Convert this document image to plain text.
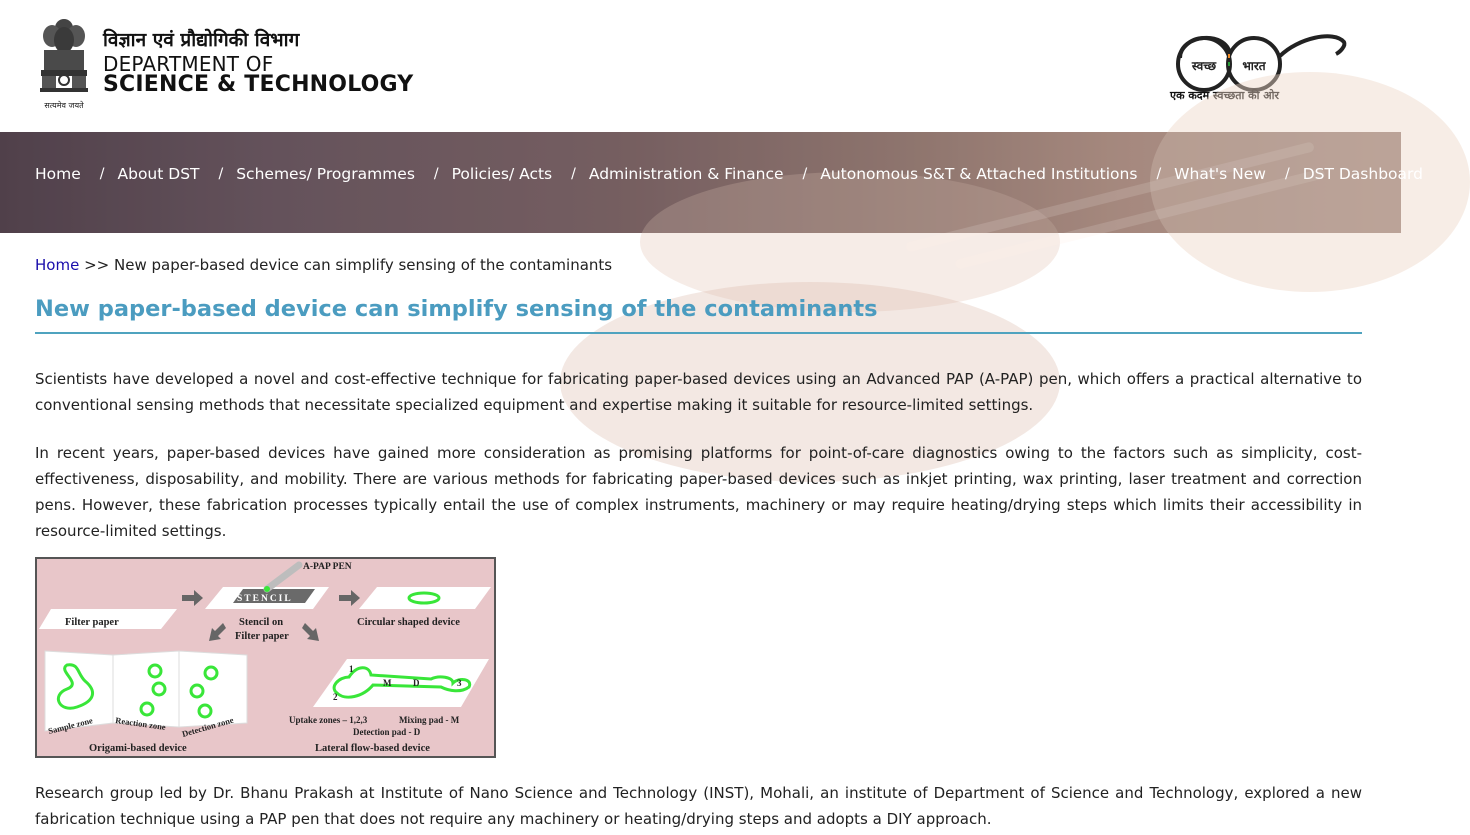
सत्यमेव जयते
विज्ञान एवं प्रौद्योगिकी विभाग
DEPARTMENT OF
SCIENCE & TECHNOLOGY
स्वच्छ भारत
एक कदम स्वच्छता की ओर
Home / About DST / Schemes/ Programmes / Policies/ Acts / Administration & Finance / Autonomous S&T & Attached Institutions / What's New / DST Dashboard
Home >> New paper-based device can simplify sensing of the contaminants
New paper-based device can simplify sensing of the contaminants

Scientists have developed a novel and cost-effective technique for fabricating paper-based devices using an Advanced PAP (A-PAP) pen, which offers a practical alternative to conventional sensing methods that necessitate specialized equipment and expertise making it suitable for resource-limited settings.

In recent years, paper-based devices have gained more consideration as promising platforms for point-of-care diagnostics owing to the factors such as simplicity, cost-effectiveness, disposability, and mobility. There are various methods for fabricating paper-based devices such as inkjet printing, wax printing, laser treatment and correction pens. However, these fabrication processes typically entail the use of complex instruments, machinery or may require heating/drying steps which limits their accessibility in resource-limited settings.

Filter paper
STENCIL
A-PAP PEN
Circular shaped device
Stencil on
Filter paper
Sample zone Reaction zone Detection zone
Origami-based device
1
2
3
M D
Uptake zones – 1,2,3	Mixing pad - M
Detection pad - D
Lateral flow-based device

Research group led by Dr. Bhanu Prakash at Institute of Nano Science and Technology (INST), Mohali, an institute of Department of Science and Technology, explored a new fabrication technique using a PAP pen that does not require any machinery or heating/drying steps and adopts a DIY approach.
